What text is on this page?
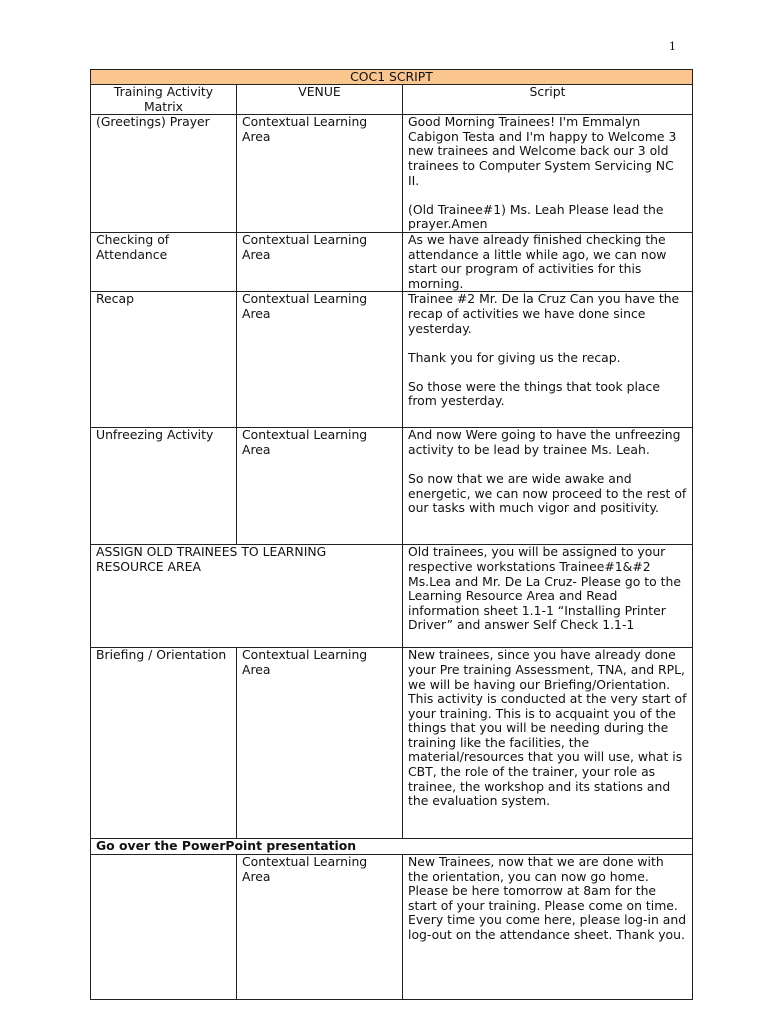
1
COC1 SCRIPT		
Training Activity Matrix	VENUE	Script
(Greetings) Prayer	Contextual Learning Area	Good Morning Trainees! I'm Emmalyn Cabigon Testa and I'm happy to Welcome 3 new trainees and Welcome back our 3 old trainees to Computer System Servicing NC II.

(Old Trainee#1) Ms. Leah Please lead the prayer.Amen

Checking of Attendance	Contextual Learning Area	As we have already finished checking the attendance a little while ago, we can now start our program of activities for this morning.

Recap	Contextual Learning Area	Trainee #2 Mr. De la Cruz Can you have the recap of activities we have done since yesterday.

Thank you for giving us the recap.

So those were the things that took place from yesterday.

Unfreezing Activity	Contextual Learning Area	And now Were going to have the unfreezing activity to be lead by trainee Ms. Leah.

So now that we are wide awake and energetic, we can now proceed to the rest of our tasks with much vigor and positivity.

ASSIGN OLD TRAINEES TO LEARNING RESOURCE AREA		Old trainees, you will be assigned to your respective workstations Trainee#1&#2 Ms.Lea and Mr. De La Cruz- Please go to the Learning Resource Area and Read information sheet 1.1-1 “Installing Printer Driver” and answer Self Check 1.1-1

Briefing / Orientation	Contextual Learning Area	New trainees, since you have already done your Pre training Assessment, TNA, and RPL, we will be having our Briefing/Orientation.

This activity is conducted at the very start of your training. This is to acquaint you of the things that you will be needing during the training like the facilities, the material/resources that you will use, what is CBT, the role of the trainer, your role as trainee, the workshop and its stations and the evaluation system.

Go over the PowerPoint presentation		
	Contextual Learning Area	New Trainees, now that we are done with the orientation, you can now go home. Please be here tomorrow at 8am for the start of your training. Please come on time. Every time you come here, please log-in and log-out on the attendance sheet. Thank you.
